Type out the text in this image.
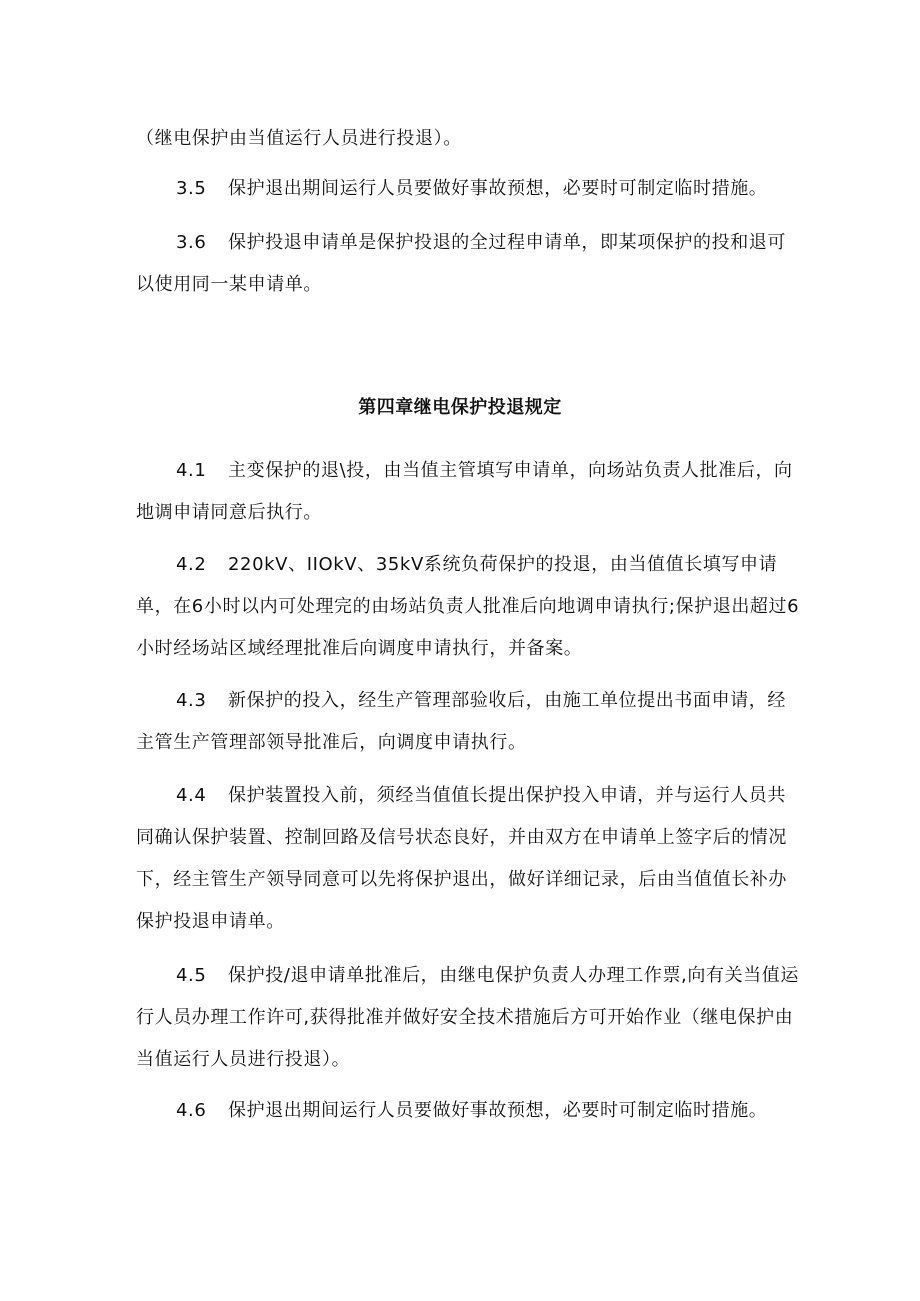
（继电保护由当值运行人员进行投退）。

3.5 保护退出期间运行人员要做好事故预想，必要时可制定临时措施。

3.6 保护投退申请单是保护投退的全过程申请单，即某项保护的投和退可以使用同一某申请单。

第四章继电保护投退规定

4.1 主变保护的退\投，由当值主管填写申请单，向场站负责人批准后，向地调申请同意后执行。

4.2 220kV、IIOkV、35kV系统负荷保护的投退，由当值值长填写申请单，在6小时以内可处理完的由场站负责人批准后向地调申请执行;保护退出超过6小时经场站区域经理批准后向调度申请执行，并备案。

4.3 新保护的投入，经生产管理部验收后，由施工单位提出书面申请，经主管生产管理部领导批准后，向调度申请执行。

4.4 保护装置投入前，须经当值值长提出保护投入申请，并与运行人员共同确认保护装置、控制回路及信号状态良好，并由双方在申请单上签字后的情况下，经主管生产领导同意可以先将保护退出，做好详细记录，后由当值值长补办保护投退申请单。

4.5 保护投/退申请单批准后，由继电保护负责人办理工作票,向有关当值运行人员办理工作许可,获得批准并做好安全技术措施后方可开始作业（继电保护由当值运行人员进行投退）。

4.6 保护退出期间运行人员要做好事故预想，必要时可制定临时措施。
